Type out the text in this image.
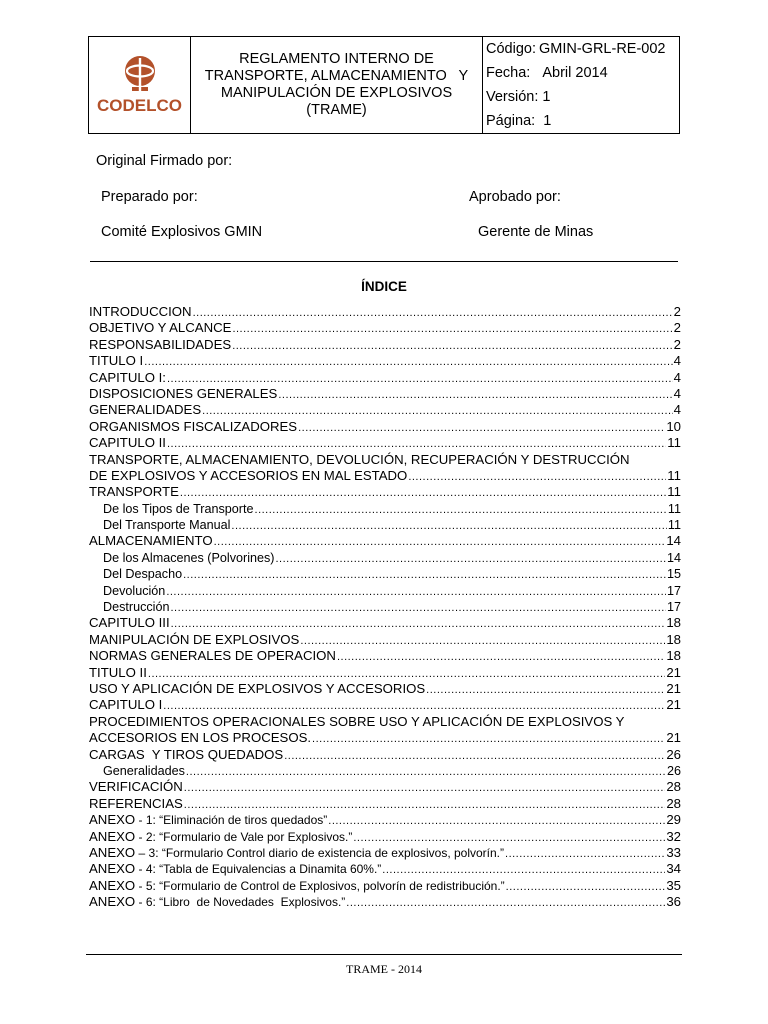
CODELCO
REGLAMENTO INTERNO DE
TRANSPORTE, ALMACENAMIENTO   Y
MANIPULACIÓN DE EXPLOSIVOS
(TRAME)
Código: GMIN-GRL-RE-002
Fecha: Abril 2014
Versión: 1
Página: 1
Original Firmado por:
Preparado por:	Aprobado por:
Comité Explosivos GMIN	Gerente de Minas
ÍNDICE
INTRODUCCION .....	2
OBJETIVO Y ALCANCE .....	2
RESPONSABILIDADES .....	2
TITULO I .....	4
CAPITULO I: .....	4
DISPOSICIONES GENERALES .....	4
GENERALIDADES .....	4
ORGANISMOS FISCALIZADORES .....	10
CAPITULO II .....	11
TRANSPORTE, ALMACENAMIENTO, DEVOLUCIÓN, RECUPERACIÓN Y DESTRUCCIÓN
DE EXPLOSIVOS Y ACCESORIOS EN MAL ESTADO .....	11
TRANSPORTE .....	11
De los Tipos de Transporte .....	11
Del Transporte Manual .....	11
ALMACENAMIENTO .....	14
De los Almacenes (Polvorines) .....	14
Del Despacho .....	15
Devolución .....	17
Destrucción .....	17
CAPITULO III .....	18
MANIPULACIÓN DE EXPLOSIVOS .....	18
NORMAS GENERALES DE OPERACION .....	18
TITULO II .....	21
USO Y APLICACIÓN DE EXPLOSIVOS Y ACCESORIOS .....	21
CAPITULO I .....	21
PROCEDIMIENTOS OPERACIONALES SOBRE USO Y APLICACIÓN DE EXPLOSIVOS Y
ACCESORIOS EN LOS PROCESOS. .....	21
CARGAS  Y TIROS QUEDADOS .....	26
Generalidades .....	26
VERIFICACIÓN .....	28
REFERENCIAS .....	28
ANEXO - 1: “Eliminación de tiros quedados” .....	29
ANEXO - 2: “Formulario de Vale por Explosivos.” .....	32
ANEXO – 3: “Formulario Control diario de existencia de explosivos, polvorín.” .....	33
ANEXO - 4: “Tabla de Equivalencias a Dinamita 60%.” .....	34
ANEXO - 5: “Formulario de Control de Explosivos, polvorín de redistribución.” .....	35
ANEXO - 6: “Libro  de Novedades  Explosivos.” .....	36
TRAME - 2014
